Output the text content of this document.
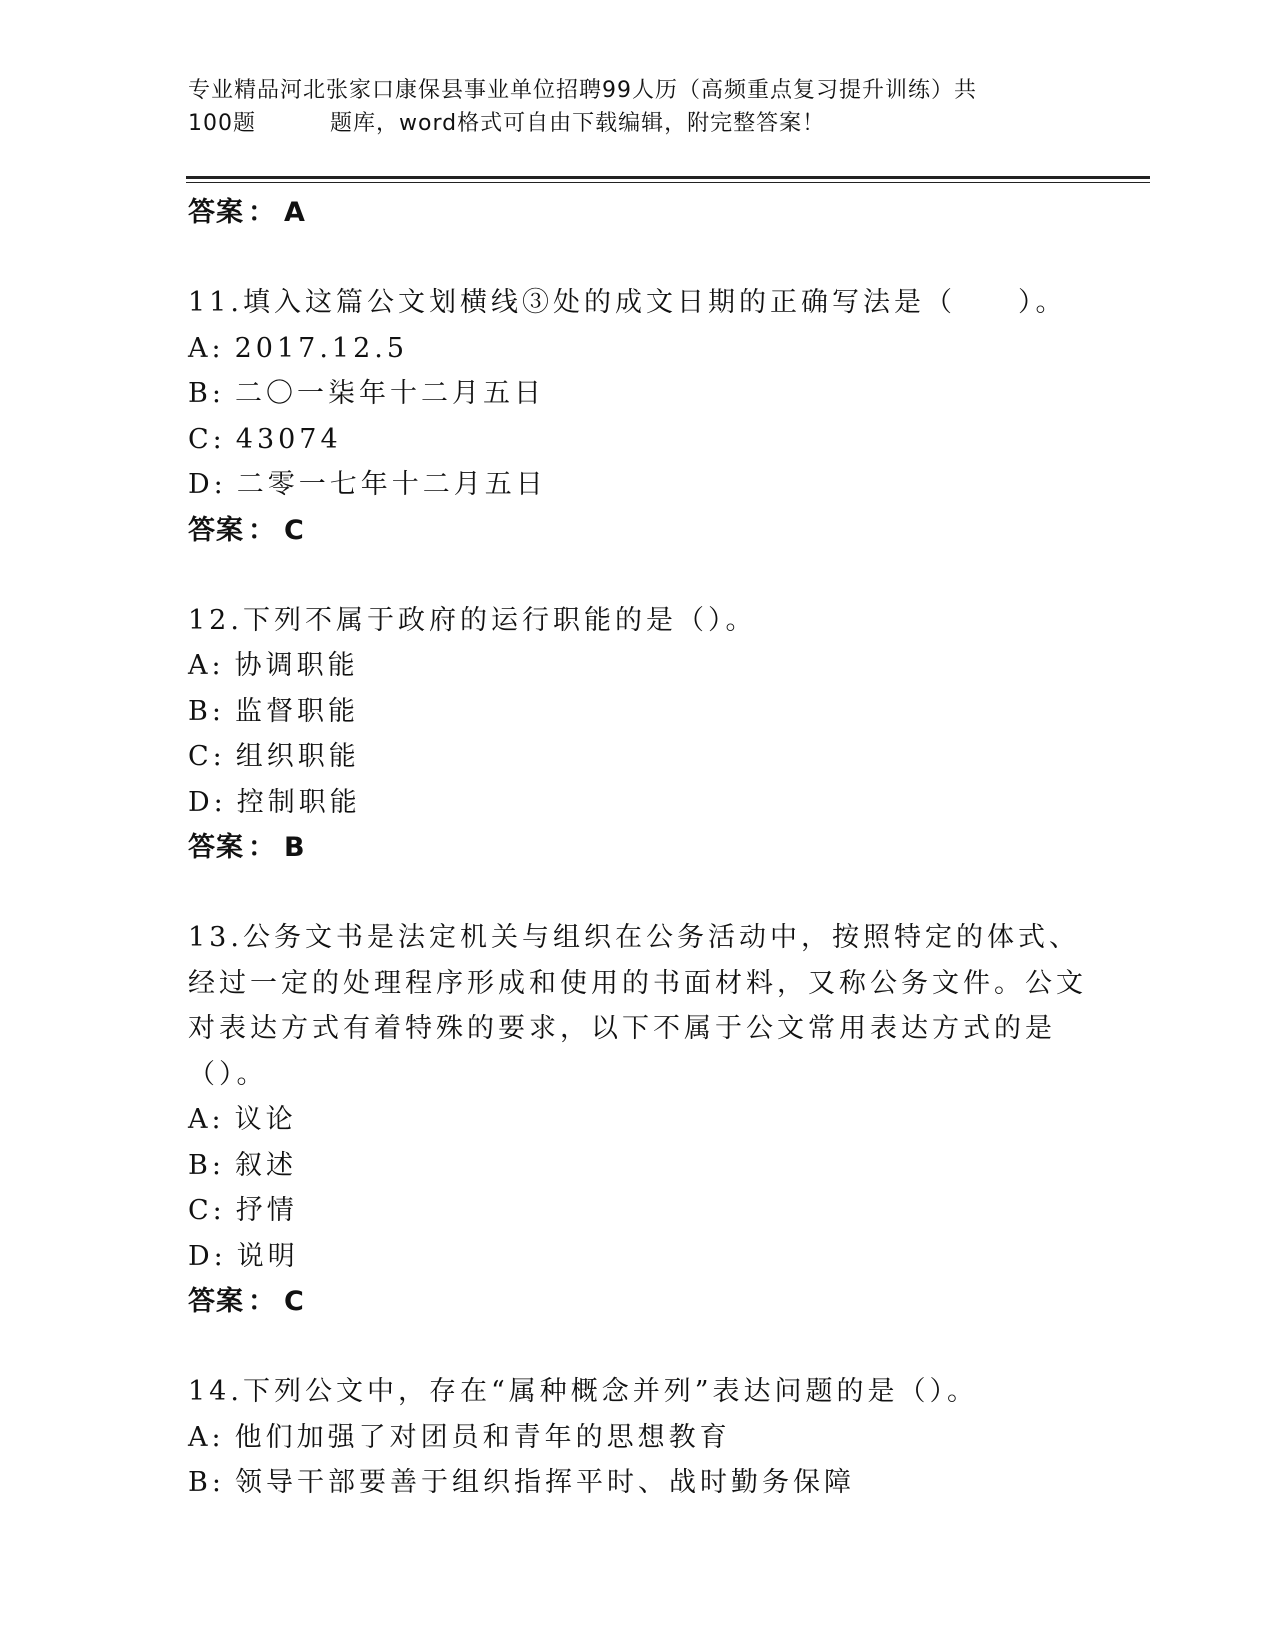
专业精品河北张家口康保县事业单位招聘99人历（高频重点复习提升训练）共
100题	题库，word格式可自由下载编辑，附完整答案！
答案 ： A

11.填入这篇公文划横线③处的成文日期的正确写法是（　　）。

A: 2017.12.5
B: 二〇一柒年十二月五日
C: 43074
D: 二零一七年十二月五日
答案 ： C

12.下列不属于政府的运行职能的是（）。

A: 协调职能
B: 监督职能
C: 组织职能
D: 控制职能
答案 ： B

13.公务文书是法定机关与组织在公务活动中，按照特定的体式、经过一定的处理程序形成和使用的书面材料，又称公务文件。公文对表达方式有着特殊的要求，以下不属于公文常用表达方式的是（）。

A: 议论
B: 叙述
C: 抒情
D: 说明
答案 ： C

14.下列公文中，存在“属种概念并列”表达问题的是（）。

A: 他们加强了对团员和青年的思想教育
B: 领导干部要善于组织指挥平时、战时勤务保障
